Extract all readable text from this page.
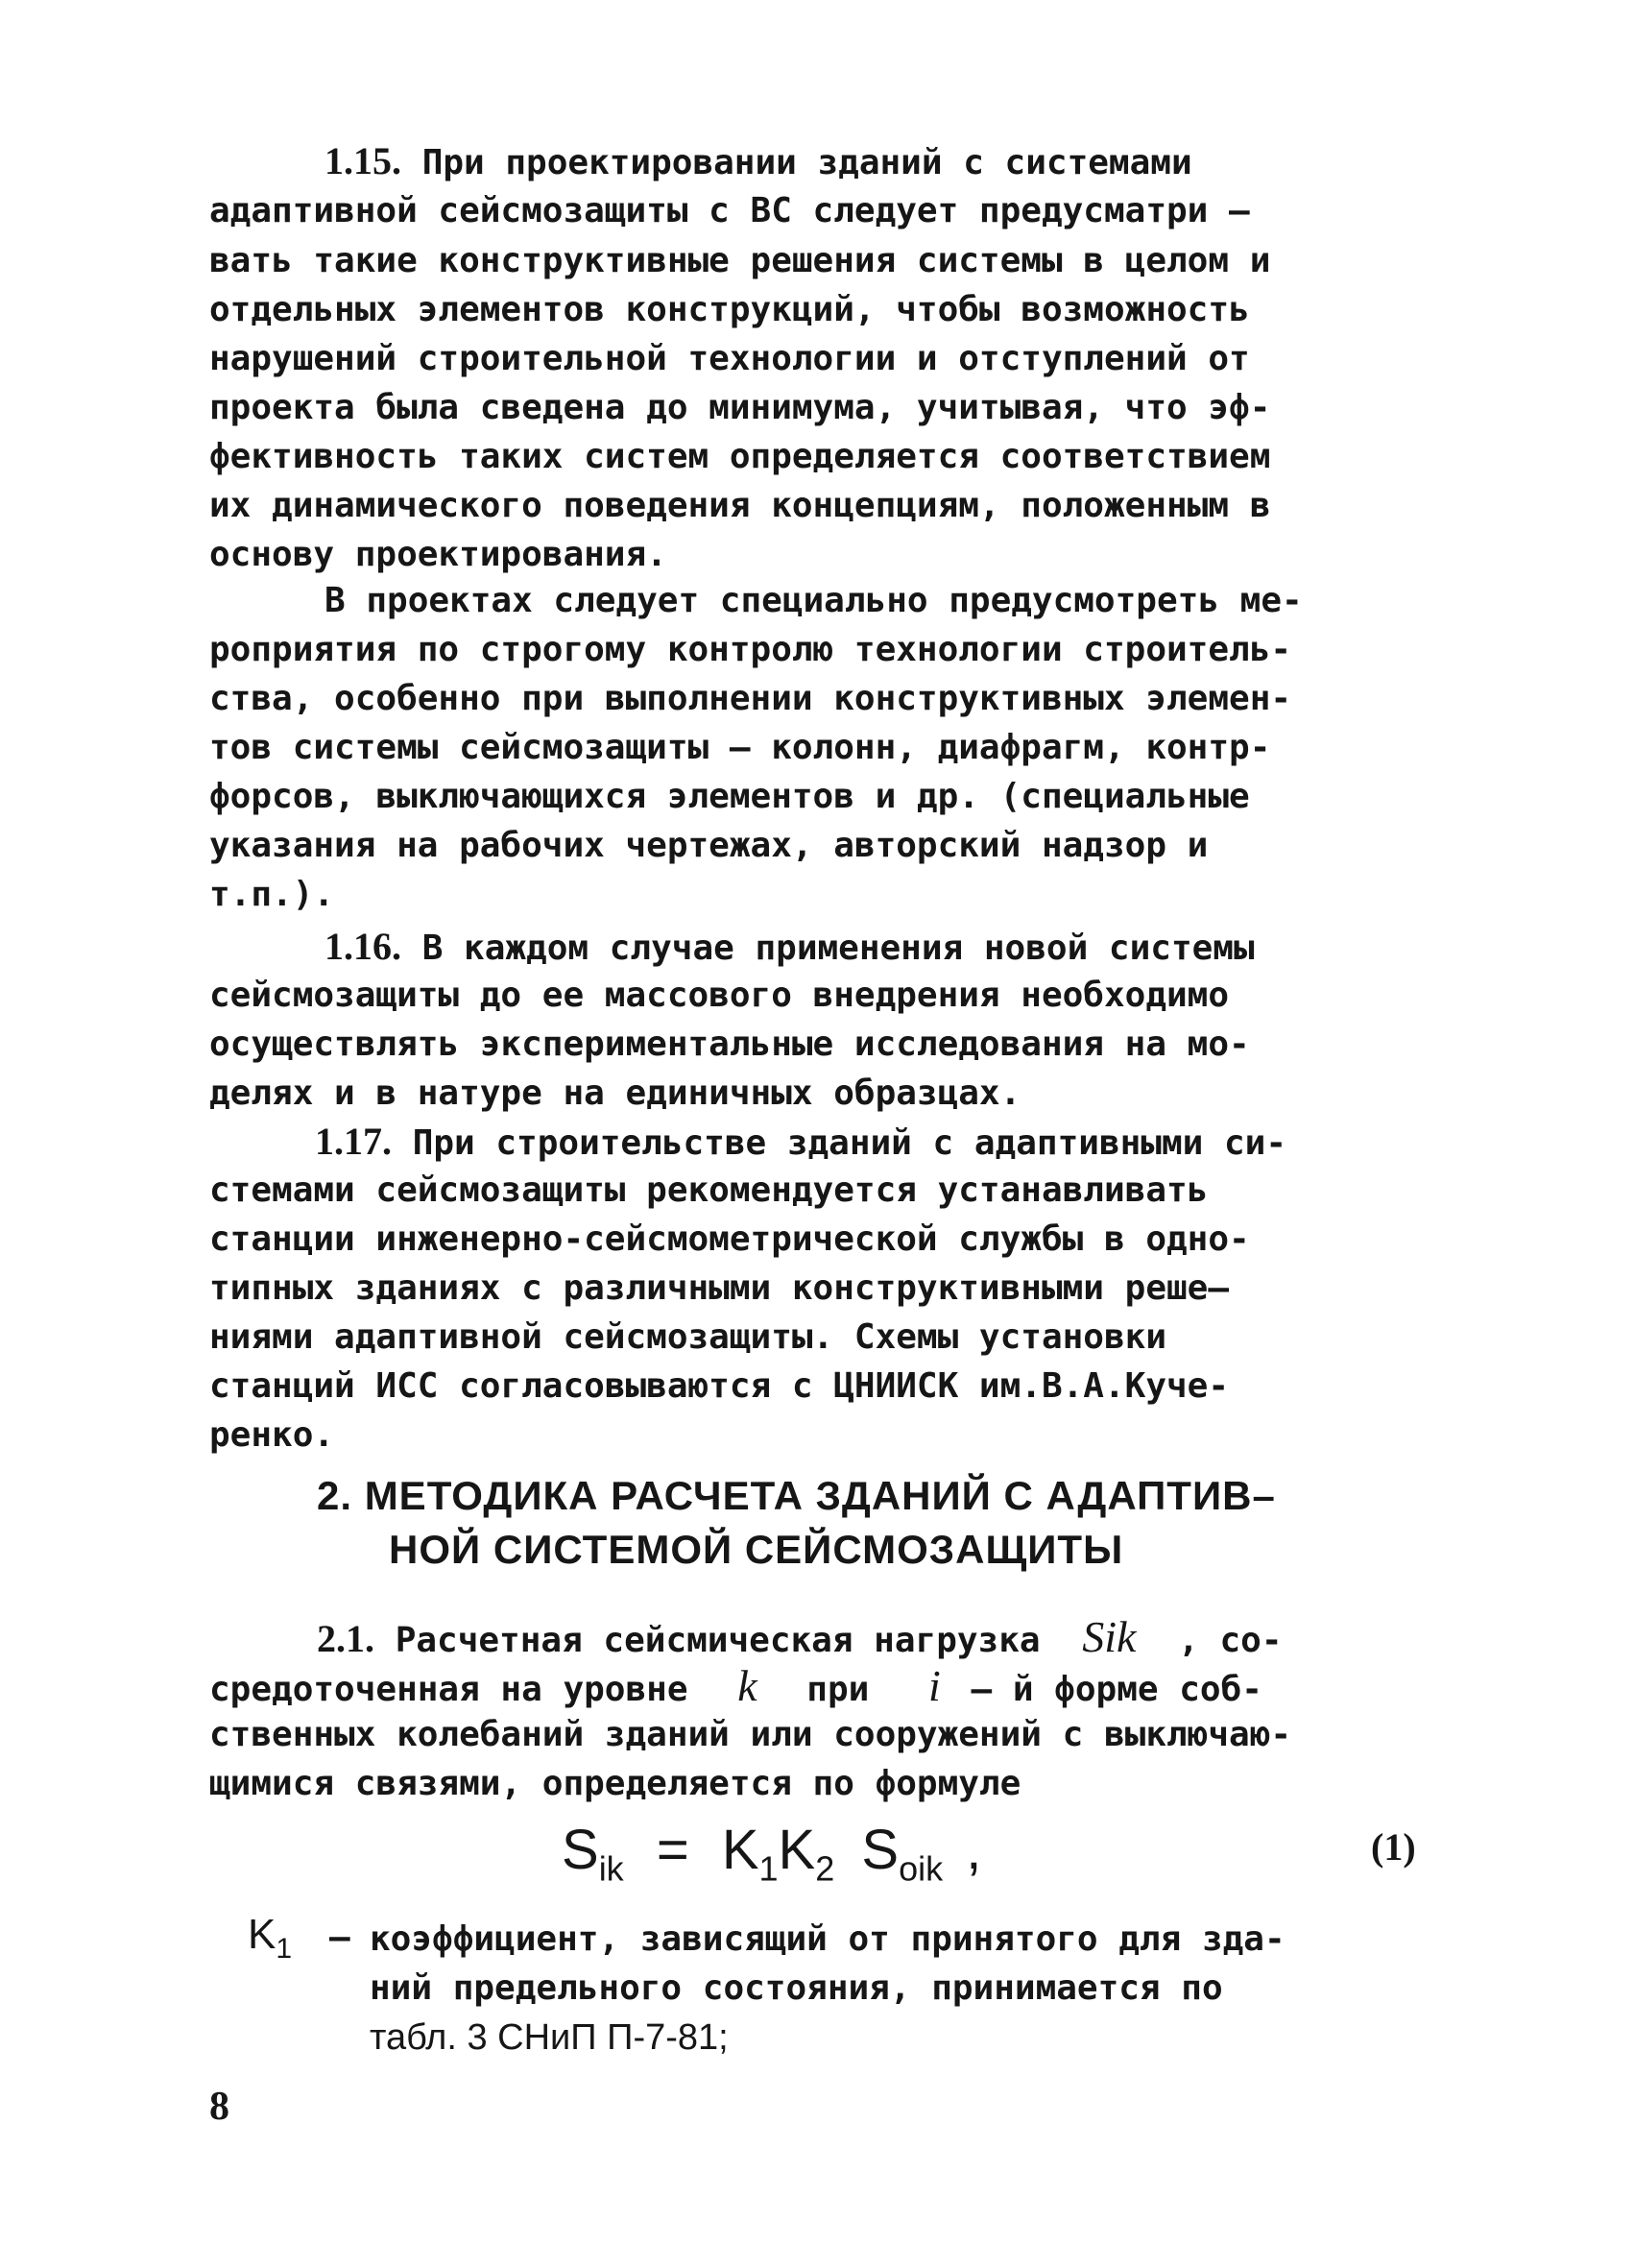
1.15. При проектировании зданий с системами
адаптивной сейсмозащиты с ВС следует предусматри –
вать такие конструктивные решения системы в целом и
отдельных элементов конструкций, чтобы возможность
нарушений строительной технологии и отступлений от
проекта была сведена до минимума, учитывая, что эф-
фективность таких систем определяется соответствием
их динамического поведения концепциям, положенным в
основу проектирования.
В проектах следует специально предусмотреть ме-
роприятия по строгому контролю технологии строитель-
ства, особенно при выполнении конструктивных элемен-
тов системы сейсмозащиты – колонн, диафрагм, контр-
форсов, выключающихся элементов и др. (специальные
указания на рабочих чертежах, авторский надзор и
т.п.).
1.16. В каждом случае применения новой системы
сейсмозащиты до ее массового внедрения необходимо
осуществлять экспериментальные исследования на мо-
делях и в натуре на единичных образцах.
1.17. При строительстве зданий с адаптивными си-
стемами сейсмозащиты рекомендуется устанавливать
станции инженерно-сейсмометрической службы в одно-
типных зданиях с различными конструктивными реше–
ниями адаптивной сейсмозащиты. Схемы установки
станций ИСС согласовываются с ЦНИИСК им.В.А.Куче-
ренко.
2. МЕТОДИКА РАСЧЕТА ЗДАНИЙ С АДАПТИВ–
НОЙ СИСТЕМОЙ СЕЙСМОЗАЩИТЫ
2.1. Расчетная сейсмическая нагрузка Sik , со-
средоточенная на уровне k при i – й форме соб-
ственных колебаний зданий или сооружений с выключаю-
щимися связями, определяется по формуле
$S_{ik} = K_1K_2$ $S_{oik}$ ,	(1)
$K_1$ – коэффициент, зависящий от принятого для зда-
ний предельного состояния, принимается по
табл. 3 СНиП П-7-81;
8
